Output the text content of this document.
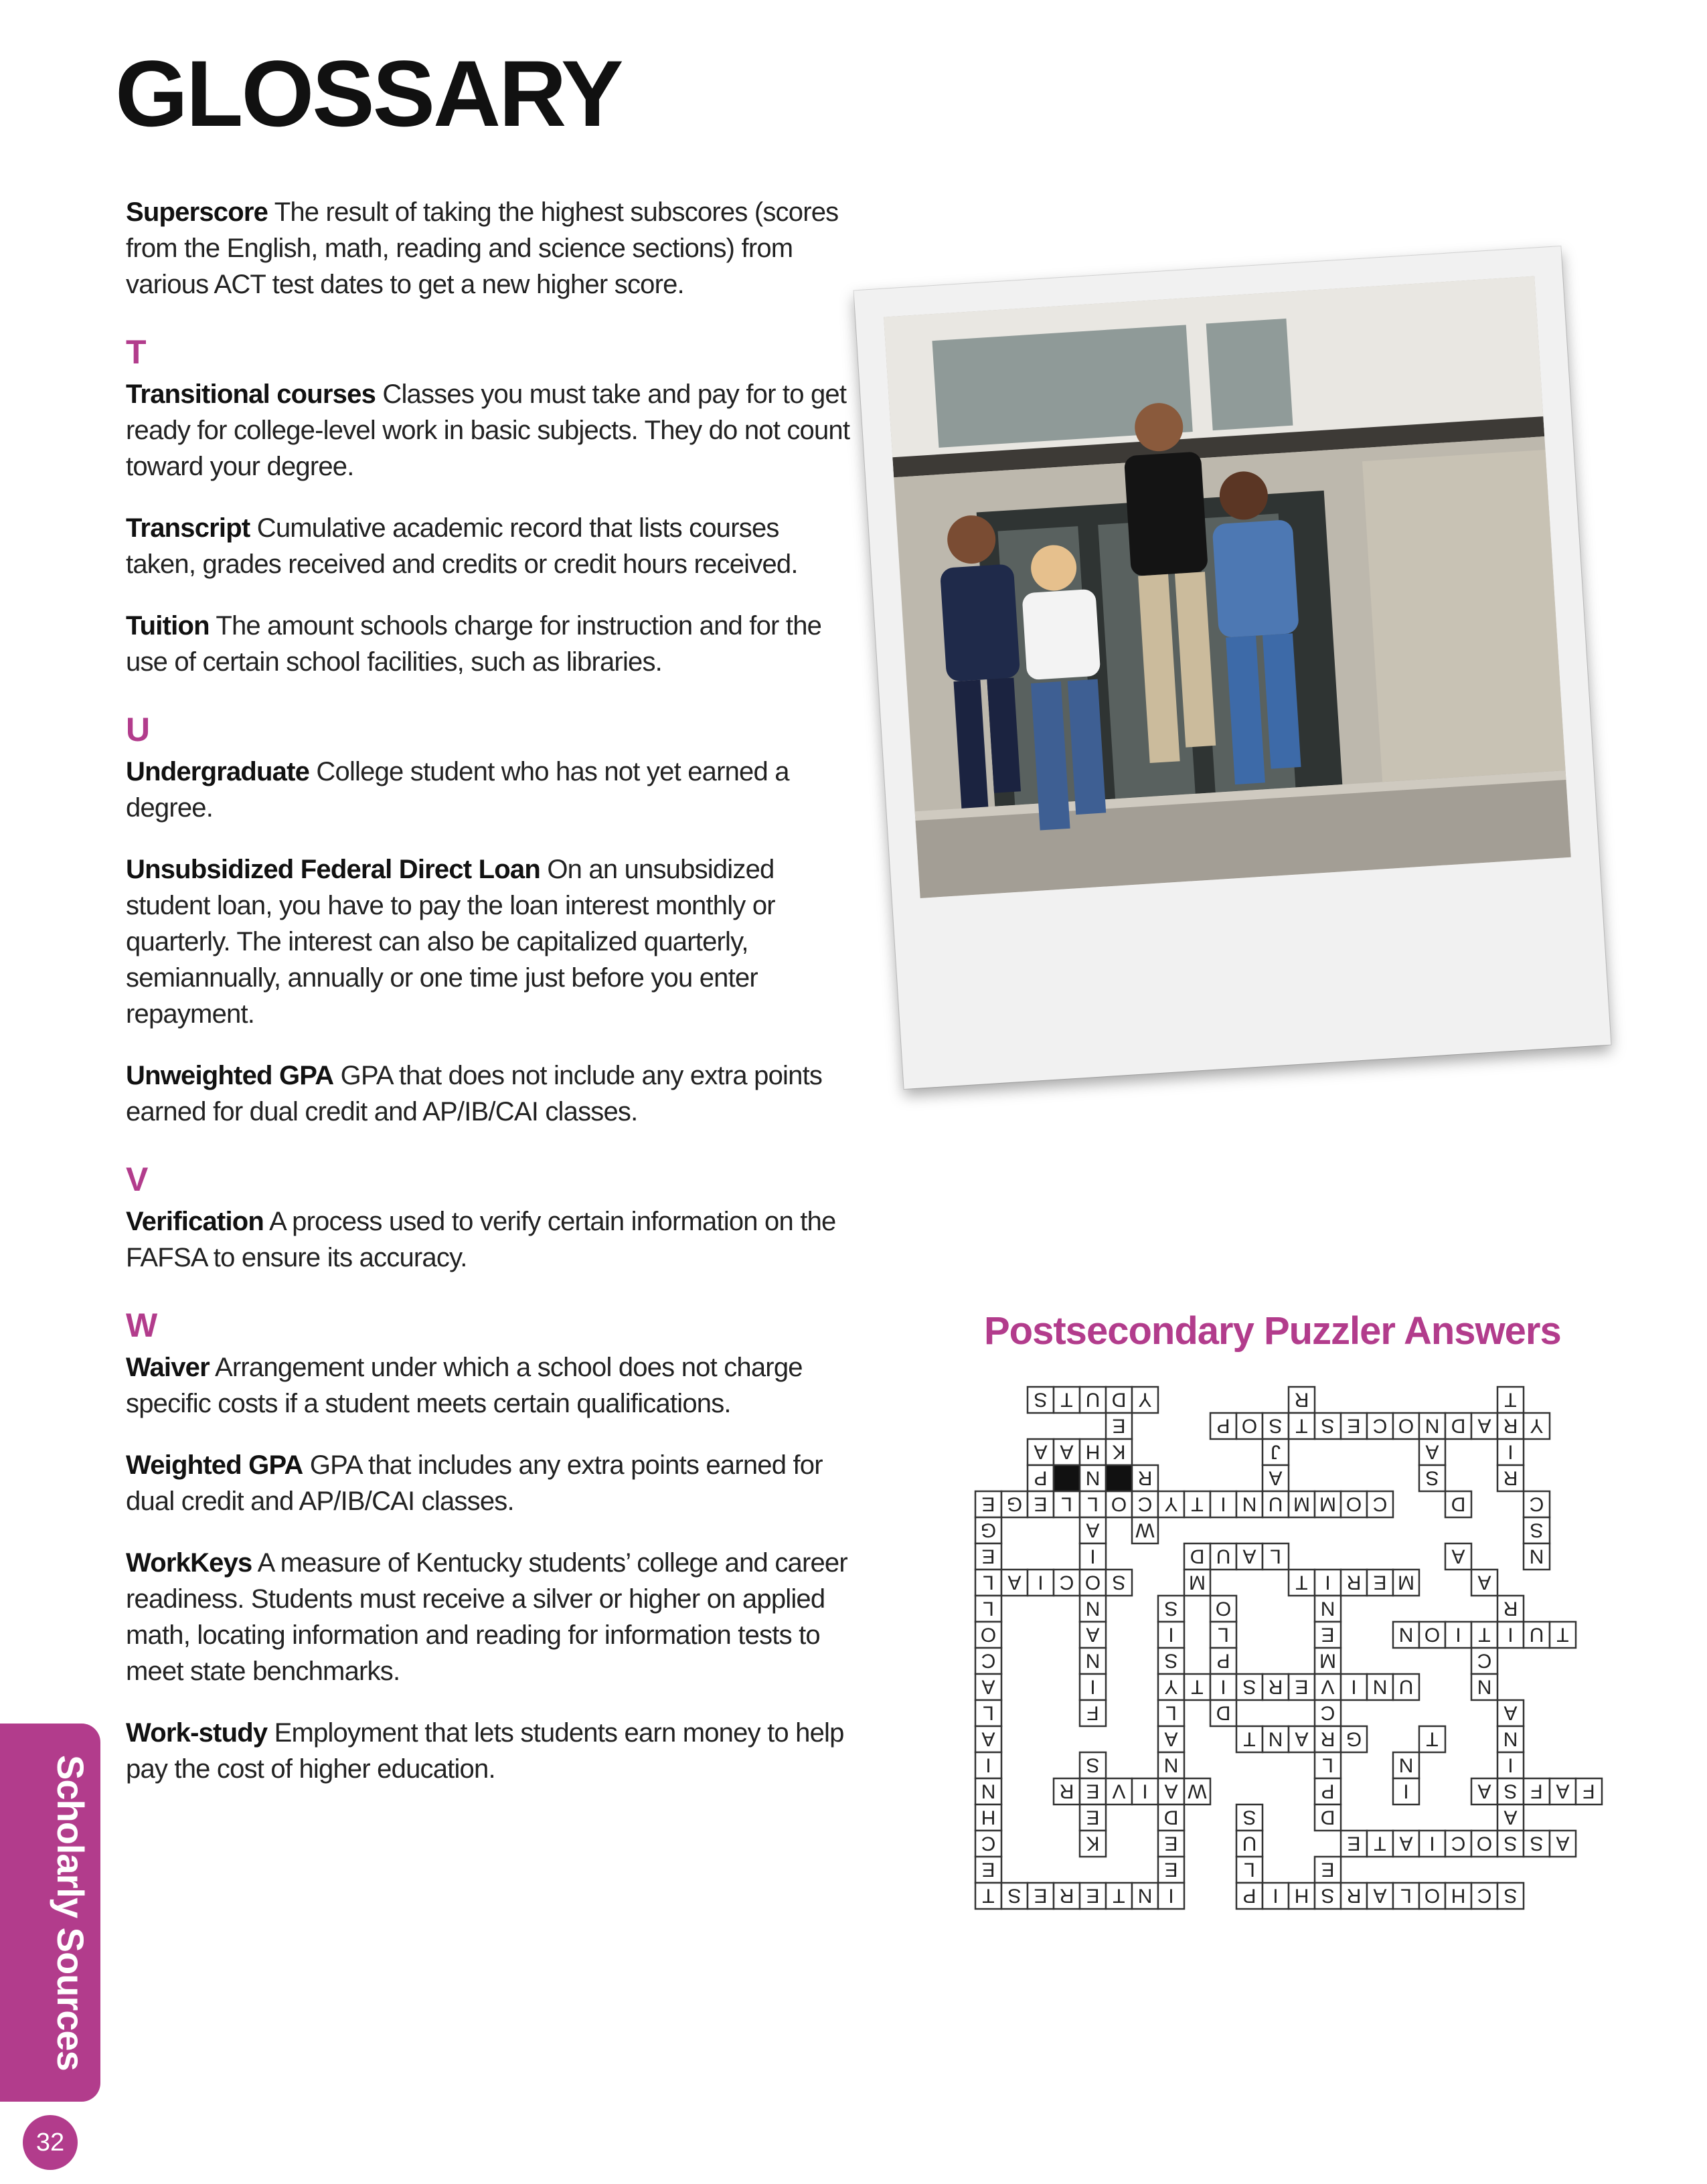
GLOSSARY

Superscore The result of taking the highest subscores (scores from the English, math, reading and science sections) from various ACT test dates to get a new higher score.

T

Transitional courses Classes you must take and pay for to get ready for college-level work in basic subjects. They do not count toward your degree.

Transcript Cumulative academic record that lists courses taken, grades received and credits or credit hours received.

Tuition The amount schools charge for instruction and for the use of certain school facilities, such as libraries.

U

Undergraduate College student who has not yet earned a degree.

Unsubsidized Federal Direct Loan On an unsubsidized student loan, you have to pay the loan interest monthly or quarterly. The interest can also be capitalized quarterly, semiannually, annually or one time just before you enter repayment.

Unweighted GPA GPA that does not include any extra points earned for dual credit and AP/IB/CAI classes.

V

Verification A process used to verify certain information on the FAFSA to ensure its accuracy.

W

Waiver Arrangement under which a school does not charge specific costs if a student meets certain qualifications.

Weighted GPA GPA that includes any extra points earned for dual credit and AP/IB/CAI classes.

WorkKeys A measure of Kentucky students’ college and career readiness. Students must receive a silver or higher on applied math, locating information and reading for information tests to meet state benchmarks.

Work-study Employment that lets students earn money to help pay the cost of higher education.

Scholarly Sources
32
Postsecondary Puzzler Answers
S T U D Y	R	T
E	P O S T S E C O N D A R Y
A A H K	J	A	I
P N R	A	S	R
E G E L L O C Y T I N U M M O C	D	C
G	A W	S
E	I	D U A L	A	N
L A I C O S	M	T I R E M	A
L	N	S O	N	R
O	A	I L	E	N O I T I U T
C	N	S P	M	C
A	I	Y T I S R E V I N U	N
L	F	L D	C	A
A	A	T N A R G	T	N
I	S	N	L	N	I
N	R E V I A W	P	I	A S F A F
H	E	D	S	D	A
C	K	E	U	E T A I C O S S A
E	E	L	E
T S E R E T N I	P I H S R A L O H C S
